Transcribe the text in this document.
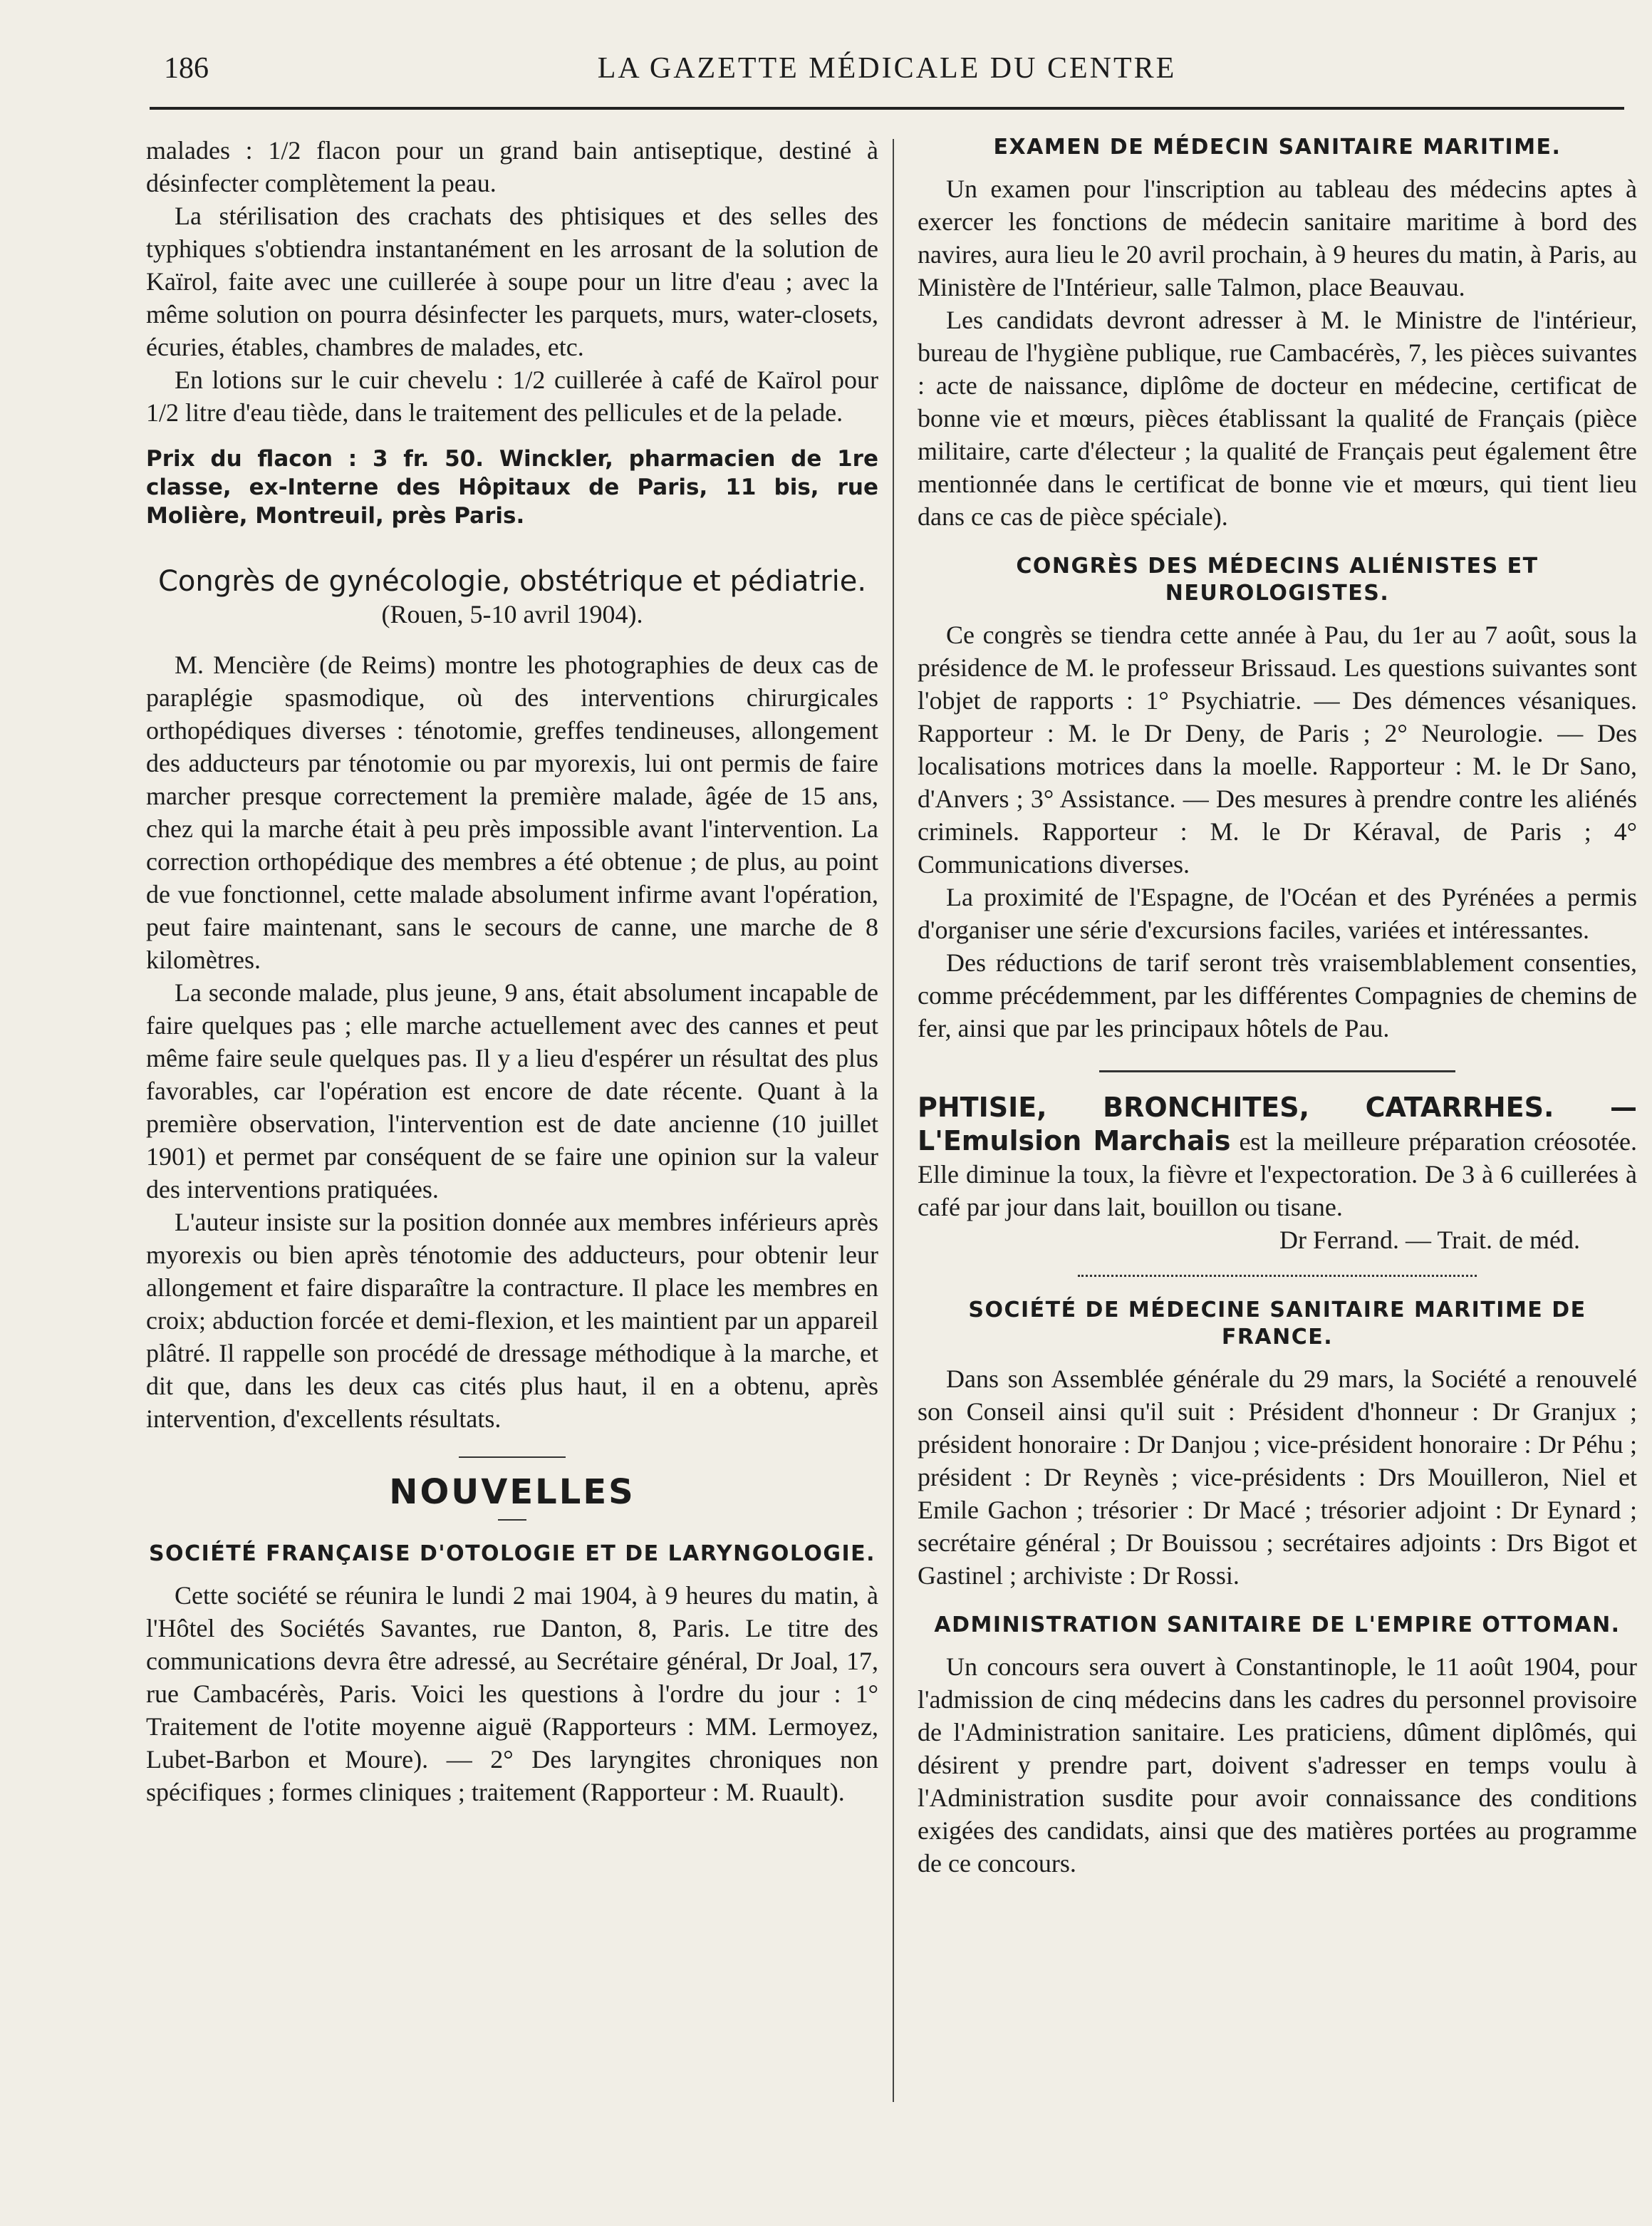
186	LA GAZETTE MÉDICALE DU CENTRE

malades : 1/2 flacon pour un grand bain antiseptique, destiné à désinfecter complètement la peau.

La stérilisation des crachats des phtisiques et des selles des typhiques s'obtiendra instantanément en les arrosant de la solution de Kaïrol, faite avec une cuillerée à soupe pour un litre d'eau ; avec la même solution on pourra désinfecter les parquets, murs, water-closets, écuries, étables, chambres de malades, etc.

En lotions sur le cuir chevelu : 1/2 cuillerée à café de Kaïrol pour 1/2 litre d'eau tiède, dans le traitement des pellicules et de la pelade.

Prix du flacon : 3 fr. 50. Winckler, pharmacien de 1re classe, ex-Interne des Hôpitaux de Paris, 11 bis, rue Molière, Montreuil, près Paris.
Congrès de gynécologie, obstétrique et pédiatrie.
(Rouen, 5-10 avril 1904).

M. Mencière (de Reims) montre les photographies de deux cas de paraplégie spasmodique, où des interventions chirurgicales orthopédiques diverses : ténotomie, greffes tendineuses, allongement des adducteurs par ténotomie ou par myorexis, lui ont permis de faire marcher presque correctement la première malade, âgée de 15 ans, chez qui la marche était à peu près impossible avant l'intervention. La correction orthopédique des membres a été obtenue ; de plus, au point de vue fonctionnel, cette malade absolument infirme avant l'opération, peut faire maintenant, sans le secours de canne, une marche de 8 kilomètres.

La seconde malade, plus jeune, 9 ans, était absolument incapable de faire quelques pas ; elle marche actuellement avec des cannes et peut même faire seule quelques pas. Il y a lieu d'espérer un résultat des plus favorables, car l'opération est encore de date récente. Quant à la première observation, l'intervention est de date ancienne (10 juillet 1901) et permet par conséquent de se faire une opinion sur la valeur des interventions pratiquées.

L'auteur insiste sur la position donnée aux membres inférieurs après myorexis ou bien après ténotomie des adducteurs, pour obtenir leur allongement et faire disparaître la contracture. Il place les membres en croix; abduction forcée et demi-flexion, et les maintient par un appareil plâtré. Il rappelle son procédé de dressage méthodique à la marche, et dit que, dans les deux cas cités plus haut, il en a obtenu, après intervention, d'excellents résultats.

NOUVELLES
SOCIÉTÉ FRANÇAISE D'OTOLOGIE ET DE LARYNGOLOGIE.

Cette société se réunira le lundi 2 mai 1904, à 9 heures du matin, à l'Hôtel des Sociétés Savantes, rue Danton, 8, Paris. Le titre des communications devra être adressé, au Secrétaire général, Dr Joal, 17, rue Cambacérès, Paris. Voici les questions à l'ordre du jour : 1° Traitement de l'otite moyenne aiguë (Rapporteurs : MM. Lermoyez, Lubet-Barbon et Moure). — 2° Des laryngites chroniques non spécifiques ; formes cliniques ; traitement (Rapporteur : M. Ruault).

EXAMEN DE MÉDECIN SANITAIRE MARITIME.

Un examen pour l'inscription au tableau des médecins aptes à exercer les fonctions de médecin sanitaire maritime à bord des navires, aura lieu le 20 avril prochain, à 9 heures du matin, à Paris, au Ministère de l'Intérieur, salle Talmon, place Beauvau.

Les candidats devront adresser à M. le Ministre de l'intérieur, bureau de l'hygiène publique, rue Cambacérès, 7, les pièces suivantes : acte de naissance, diplôme de docteur en médecine, certificat de bonne vie et mœurs, pièces établissant la qualité de Français (pièce militaire, carte d'électeur ; la qualité de Français peut également être mentionnée dans le certificat de bonne vie et mœurs, qui tient lieu dans ce cas de pièce spéciale).

CONGRÈS DES MÉDECINS ALIÉNISTES ET NEUROLOGISTES.

Ce congrès se tiendra cette année à Pau, du 1er au 7 août, sous la présidence de M. le professeur Brissaud. Les questions suivantes sont l'objet de rapports : 1° Psychiatrie. — Des démences vésaniques. Rapporteur : M. le Dr Deny, de Paris ; 2° Neurologie. — Des localisations motrices dans la moelle. Rapporteur : M. le Dr Sano, d'Anvers ; 3° Assistance. — Des mesures à prendre contre les aliénés criminels. Rapporteur : M. le Dr Kéraval, de Paris ; 4° Communications diverses.

La proximité de l'Espagne, de l'Océan et des Pyrénées a permis d'organiser une série d'excursions faciles, variées et intéressantes.

Des réductions de tarif seront très vraisemblablement consenties, comme précédemment, par les différentes Compagnies de chemins de fer, ainsi que par les principaux hôtels de Pau.

PHTISIE, BRONCHITES, CATARRHES. — L'Emulsion Marchais est la meilleure préparation créosotée. Elle diminue la toux, la fièvre et l'expectoration. De 3 à 6 cuillerées à café par jour dans lait, bouillon ou tisane.

Dr Ferrand. — Trait. de méd.
SOCIÉTÉ DE MÉDECINE SANITAIRE MARITIME DE FRANCE.

Dans son Assemblée générale du 29 mars, la Société a renouvelé son Conseil ainsi qu'il suit : Président d'honneur : Dr Granjux ; président honoraire : Dr Danjou ; vice-président honoraire : Dr Péhu ; président : Dr Reynès ; vice-présidents : Drs Mouilleron, Niel et Emile Gachon ; trésorier : Dr Macé ; trésorier adjoint : Dr Eynard ; secrétaire général ; Dr Bouissou ; secrétaires adjoints : Drs Bigot et Gastinel ; archiviste : Dr Rossi.

ADMINISTRATION SANITAIRE DE L'EMPIRE OTTOMAN.

Un concours sera ouvert à Constantinople, le 11 août 1904, pour l'admission de cinq médecins dans les cadres du personnel provisoire de l'Administration sanitaire. Les praticiens, dûment diplômés, qui désirent y prendre part, doivent s'adresser en temps voulu à l'Administration susdite pour avoir connaissance des conditions exigées des candidats, ainsi que des matières portées au programme de ce concours.
